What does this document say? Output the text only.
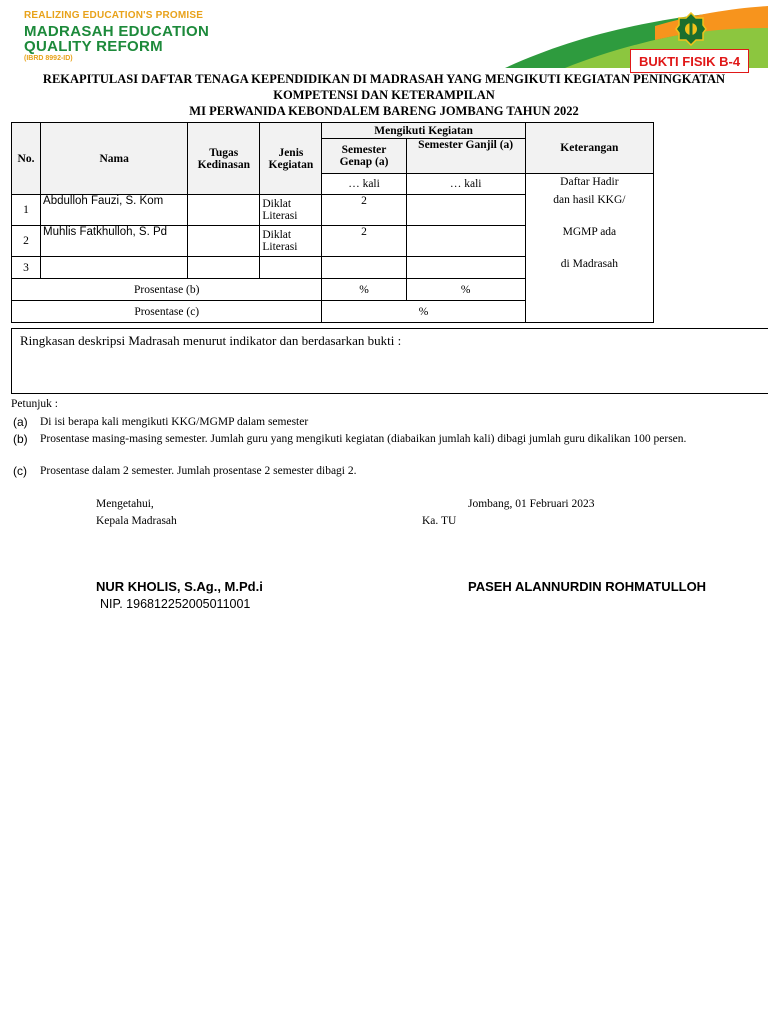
REALIZING EDUCATION'S PROMISE
MADRASAH EDUCATION
QUALITY REFORM
(IBRD 8992-ID)	BUKTI FISIK B-4
REKAPITULASI DAFTAR TENAGA KEPENDIDIKAN DI MADRASAH YANG MENGIKUTI KEGIATAN PENINGKATAN
KOMPETENSI DAN KETERAMPILAN
MI PERWANIDA KEBONDALEM BARENG JOMBANG TAHUN 2022
No.	Nama	Tugas Kedinasan	Jenis Kegiatan	Mengikuti Kegiatan		Keterangan
				Semester Genap (a)	Semester Ganjil (a)	
				… kali	… kali	Daftar Hadir
dan hasil KKG/
MGMP ada
di Madrasah

1	Abdulloh Fauzi, S. Kom		Diklat Literasi	2		
2	Muhlis Fatkhulloh, S. Pd		Diklat Literasi	2		
3						
Prosentase (b)				%	%	
Prosentase (c)				%		
Ringkasan deskripsi Madrasah menurut indikator dan berdasarkan bukti :
Petunjuk :
(a) Di isi berapa kali mengikuti KKG/MGMP dalam semester
(b) Prosentase masing-masing semester. Jumlah guru yang mengikuti kegiatan (diabaikan jumlah kali) dibagi jumlah guru dikalikan 100 persen.
(c) Prosentase dalam 2 semester. Jumlah prosentase 2 semester dibagi 2.
Mengetahui,
Kepala Madrasah
Jombang, 01 Februari 2023
Ka. TU
NUR KHOLIS, S.Ag., M.Pd.i
NIP. 196812252005011001
PASEH ALANNURDIN ROHMATULLOH
